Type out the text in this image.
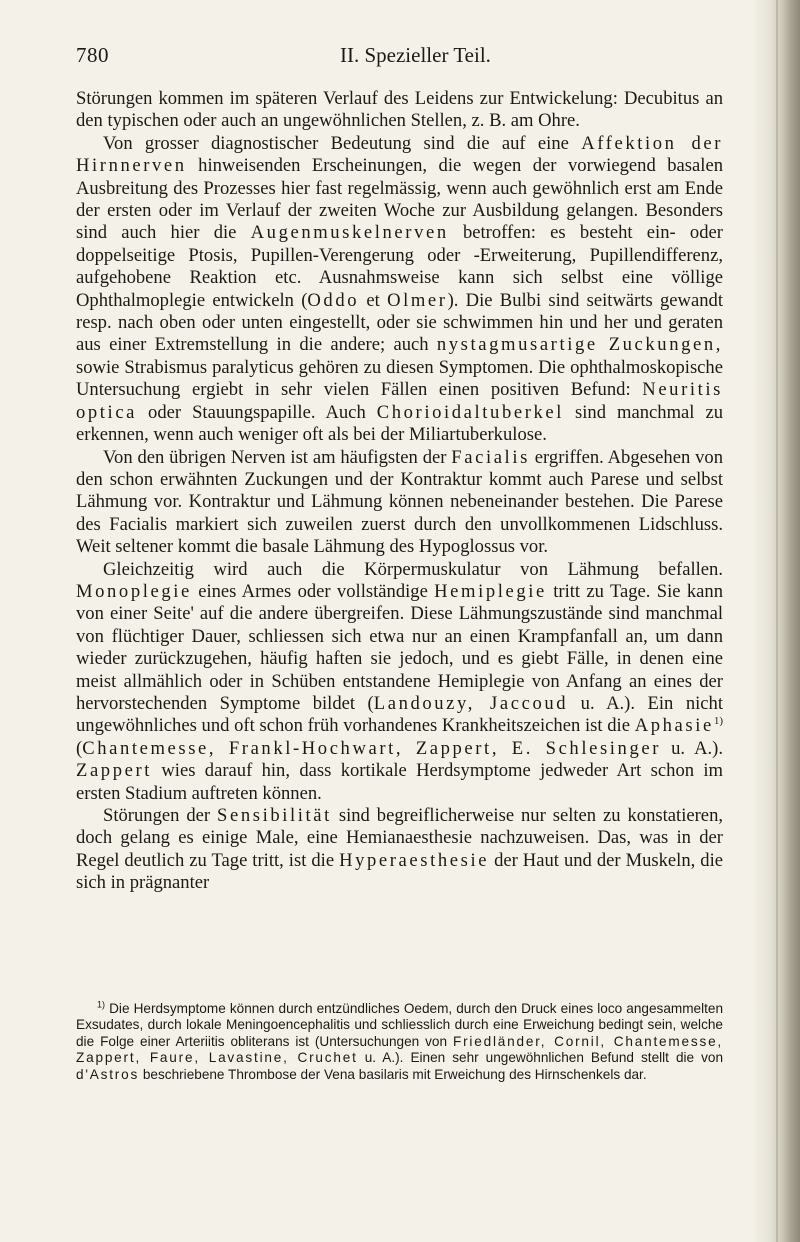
780	II. Spezieller Teil.

Störungen kommen im späteren Verlauf des Leidens zur Entwickelung: Decubitus an den typischen oder auch an ungewöhnlichen Stellen, z. B. am Ohre.

Von grosser diagnostischer Bedeutung sind die auf eine Affektion der Hirnnerven hinweisenden Erscheinungen, die wegen der vorwiegend basalen Ausbreitung des Prozesses hier fast regelmässig, wenn auch gewöhnlich erst am Ende der ersten oder im Verlauf der zweiten Woche zur Ausbildung gelangen. Besonders sind auch hier die Augenmuskelnerven betroffen: es besteht ein- oder doppelseitige Ptosis, Pupillen-Verengerung oder -Erweiterung, Pupillendifferenz, aufgehobene Reaktion etc. Ausnahmsweise kann sich selbst eine völlige Ophthalmoplegie entwickeln (Oddo et Olmer). Die Bulbi sind seitwärts gewandt resp. nach oben oder unten eingestellt, oder sie schwimmen hin und her und geraten aus einer Extremstellung in die andere; auch nystagmusartige Zuckungen, sowie Strabismus paralyticus gehören zu diesen Symptomen. Die ophthalmoskopische Untersuchung ergiebt in sehr vielen Fällen einen positiven Befund: Neuritis optica oder Stauungspapille. Auch Chorioidaltuberkel sind manchmal zu erkennen, wenn auch weniger oft als bei der Miliartuberkulose.

Von den übrigen Nerven ist am häufigsten der Facialis ergriffen. Abgesehen von den schon erwähnten Zuckungen und der Kontraktur kommt auch Parese und selbst Lähmung vor. Kontraktur und Lähmung können nebeneinander bestehen. Die Parese des Facialis markiert sich zuweilen zuerst durch den unvollkommenen Lidschluss. Weit seltener kommt die basale Lähmung des Hypoglossus vor.

Gleichzeitig wird auch die Körpermuskulatur von Lähmung befallen. Monoplegie eines Armes oder vollständige Hemiplegie tritt zu Tage. Sie kann von einer Seite' auf die andere übergreifen. Diese Lähmungszustände sind manchmal von flüchtiger Dauer, schliessen sich etwa nur an einen Krampfanfall an, um dann wieder zurückzugehen, häufig haften sie jedoch, und es giebt Fälle, in denen eine meist allmählich oder in Schüben entstandene Hemiplegie von Anfang an eines der hervorstechenden Symptome bildet (Landouzy, Jaccoud u. A.). Ein nicht ungewöhnliches und oft schon früh vorhandenes Krankheitszeichen ist die Aphasie$^{1)}$ (Chantemesse, Frankl-Hochwart, Zappert, E. Schlesinger u. A.). Zappert wies darauf hin, dass kortikale Herdsymptome jedweder Art schon im ersten Stadium auftreten können.

Störungen der Sensibilität sind begreiflicherweise nur selten zu konstatieren, doch gelang es einige Male, eine Hemianaesthesie nachzuweisen. Das, was in der Regel deutlich zu Tage tritt, ist die Hyperaesthesie der Haut und der Muskeln, die sich in prägnanter

$^{1)}$ Die Herdsymptome können durch entzündliches Oedem, durch den Druck eines loco angesammelten Exsudates, durch lokale Meningoencephalitis und schliesslich durch eine Erweichung bedingt sein, welche die Folge einer Arteriitis obliterans ist (Untersuchungen von Friedländer, Cornil, Chantemesse, Zappert, Faure, Lavastine, Cruchet u. A.). Einen sehr ungewöhnlichen Befund stellt die von d'Astros beschriebene Thrombose der Vena basilaris mit Erweichung des Hirnschenkels dar.
